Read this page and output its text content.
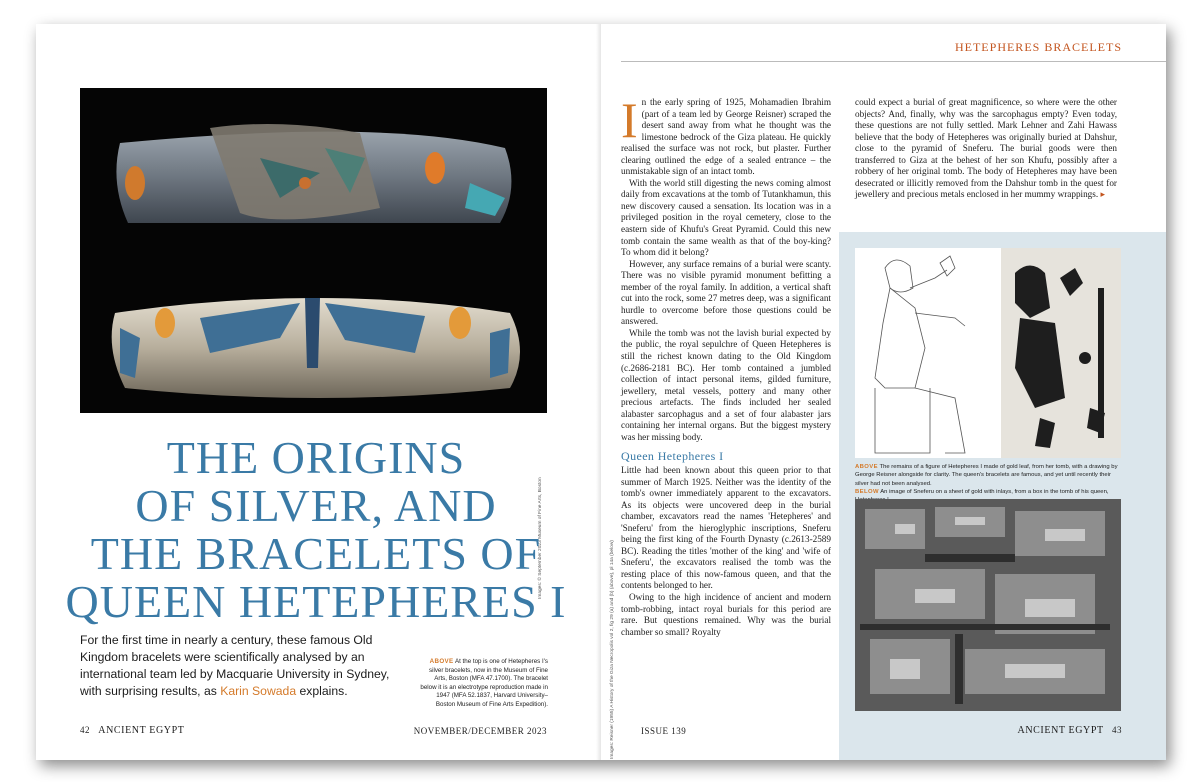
Images: © September 2023 Museum of Fine Arts, Boston
THE ORIGINS
OF SILVER, AND
THE BRACELETS OF
QUEEN HETEPHERES I
For the first time in nearly a century, these famous Old Kingdom bracelets were scientifically analysed by an international team led by Macquarie University in Sydney, with surprising results, as Karin Sowada explains.
ABOVE At the top is one of Hetepheres I's silver bracelets, now in the Museum of Fine Arts, Boston (MFA 47.1700). The bracelet below it is an electrotype reproduction made in 1947 (MFA 52.1837, Harvard University–Boston Museum of Fine Arts Expedition).
42 ANCIENT EGYPT	NOVEMBER/DECEMBER 2023
HETEPHERES BRACELETS
Images: Reisner (1955) A History of the Giza Necropolis vol 2, fig 29 (a) and (b) (above), pl 14a (below)

In the early spring of 1925, Mohamadien Ibrahim (part of a team led by George Reisner) scraped the desert sand away from what he thought was the limestone bedrock of the Giza plateau. He quickly realised the surface was not rock, but plaster. Further clearing outlined the edge of a sealed entrance – the unmistakable sign of an intact tomb.

With the world still digesting the news coming almost daily from excavations at the tomb of Tutankhamun, this new discovery caused a sensation. Its location was in a privileged position in the royal cemetery, close to the eastern side of Khufu's Great Pyramid. Could this new tomb contain the same wealth as that of the boy-king? To whom did it belong?

However, any surface remains of a burial were scanty. There was no visible pyramid monument befitting a member of the royal family. In addition, a vertical shaft cut into the rock, some 27 metres deep, was a significant hurdle to overcome before those questions could be answered.

While the tomb was not the lavish burial expected by the public, the royal sepulchre of Queen Hetepheres is still the richest known dating to the Old Kingdom (c.2686-2181 BC). Her tomb contained a jumbled collection of intact personal items, gilded furniture, jewellery, metal vessels, pottery and many other precious artefacts. The finds included her sealed alabaster sarcophagus and a set of four alabaster jars containing her internal organs. But the biggest mystery was her missing body.

Queen Hetepheres I

Little had been known about this queen prior to that summer of March 1925. Neither was the identity of the tomb's owner immediately apparent to the excavators. As its objects were uncovered deep in the burial chamber, excavators read the names 'Hetepheres' and 'Sneferu' from the hieroglyphic inscriptions, Sneferu being the first king of the Fourth Dynasty (c.2613-2589 BC). Reading the titles 'mother of the king' and 'wife of Sneferu', the excavators realised the tomb was the resting place of this now-famous queen, and that the contents belonged to her.

Owing to the high incidence of ancient and modern tomb-robbing, intact royal burials for this period are rare. But questions remained. Why was the burial chamber so small? Royalty

could expect a burial of great magnificence, so where were the other objects? And, finally, why was the sarcophagus empty? Even today, these questions are not fully settled. Mark Lehner and Zahi Hawass believe that the body of Hetepheres was originally buried at Dahshur, close to the pyramid of Sneferu. The burial goods were then transferred to Giza at the behest of her son Khufu, possibly after a robbery of her original tomb. The body of Hetepheres may have been desecrated or illicitly removed from the Dahshur tomb in the quest for jewellery and precious metals enclosed in her mummy wrappings. ▸

ABOVE The remains of a figure of Hetepheres I made of gold leaf, from her tomb, with a drawing by George Reisner alongside for clarity. The queen's bracelets are famous, and yet until recently their silver had not been analysed.
BELOW An image of Sneferu on a sheet of gold with inlays, from a box in the tomb of his queen,
ISSUE 139	ANCIENT EGYPT 43
